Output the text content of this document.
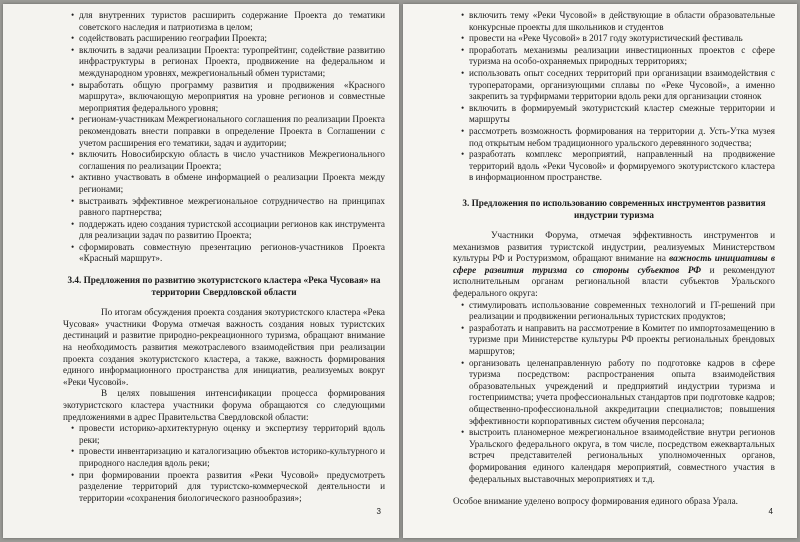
• для внутренних туристов расширить содержание Проекта до тематики советского наследия и патриотизма в целом;

• содействовать расширению географии Проекта;

• включить в задачи реализации Проекта: туропрейтинг, содействие развитию инфраструктуры в регионах Проекта, продвижение на федеральном и международном уровнях, межрегиональный обмен туристами;

• выработать общую программу развития и продвижения «Красного маршрута», включающую мероприятия на уровне регионов и совместные мероприятия федерального уровня;

• регионам-участникам Межрегионального соглашения по реализации Проекта рекомендовать внести поправки в определение Проекта в Соглашении с учетом расширения его тематики, задач и аудитории;

• включить Новосибирскую область в число участников Межрегионального соглашения по реализации Проекта;

• активно участвовать в обмене информацией о реализации Проекта между регионами;

• выстраивать эффективное межрегиональное сотрудничество на принципах равного партнерства;

• поддержать идею создания туристской ассоциации регионов как инструмента для реализации задач по развитию Проекта;

• сформировать совместную презентацию регионов-участников Проекта «Красный маршрут».

3.4. Предложения по развитию экотуристского кластера «Река Чусовая» на территории Свердловской области

По итогам обсуждения проекта создания экотуристского кластера «Река Чусовая» участники Форума отмечая важность создания новых туристских дестинаций и развитие природно-рекреационного туризма, обращают внимание на необходимость развития межотраслевого взаимодействия при реализации проекта создания экотуристского кластера, а также, важность формирования единого информационного пространства для инициатив, реализуемых вокруг «Реки Чусовой».

В целях повышения интенсификации процесса формирования экотуристского кластера участники форума обращаются со следующими предложениями в адрес Правительства Свердловской области:

• провести историко-архитектурную оценку и экспертизу территорий вдоль реки;

• провести инвентаризацию и каталогизацию объектов историко-культурного и природного наследия вдоль реки;

• при формировании проекта развития «Реки Чусовой» предусмотреть разделение территорий для туристско-коммерческой деятельности и территории «сохранения биологического разнообразия»;

3

• включить тему «Реки Чусовой» в действующие в области образовательные конкурсные проекты для школьников и студентов

• провести на «Реке Чусовой» в 2017 году экотуристический фестиваль

• проработать механизмы реализации инвестиционных проектов с сфере туризма на особо-охраняемых природных территориях;

• использовать опыт соседних территорий при организации взаимодействия с туроператорами, организующими сплавы по «Реке Чусовой», а именно закрепить за турфирмами территории вдоль реки для организации стоянок

• включить в формируемый экотуристский кластер смежные территории и маршруты

• рассмотреть возможность формирования на территории д. Усть-Утка музея под открытым небом традиционного уральского деревянного зодчества;

• разработать комплекс мероприятий, направленный на продвижение территорий вдоль «Реки Чусовой» и формируемого экотуристского кластера в информационном пространстве.

3. Предложения по использованию современных инструментов развития индустрии туризма

Участники Форума, отмечая эффективность инструментов и механизмов развития туристской индустрии, реализуемых Министерством культуры РФ и Ростуризмом, обращают внимание на важность инициативы в сфере развития туризма со стороны субъектов РФ и рекомендуют исполнительным органам региональной власти субъектов Уральского федерального округа:

• стимулировать использование современных технологий и IT-решений при реализации и продвижении региональных туристских продуктов;

• разработать и направить на рассмотрение в Комитет по импортозамещению в туризме при Министерстве культуры РФ проекты региональных брендовых маршрутов;

• организовать целенаправленную работу по подготовке кадров в сфере туризма посредством: распространения опыта взаимодействия образовательных учреждений и предприятий индустрии туризма и гостеприимства; учета профессиональных стандартов при подготовке кадров; общественно-профессиональной аккредитации специалистов; повышения эффективности корпоративных систем обучения персонала;

• выстроить планомерное межрегиональное взаимодействие внутри регионов Уральского федерального округа, в том числе, посредством ежеквартальных встреч представителей региональных уполномоченных органов, формирования единого календаря мероприятий, совместного участия в федеральных выставочных мероприятиях и т.д.

Особое внимание уделено вопросу формирования единого образа Урала.

4
